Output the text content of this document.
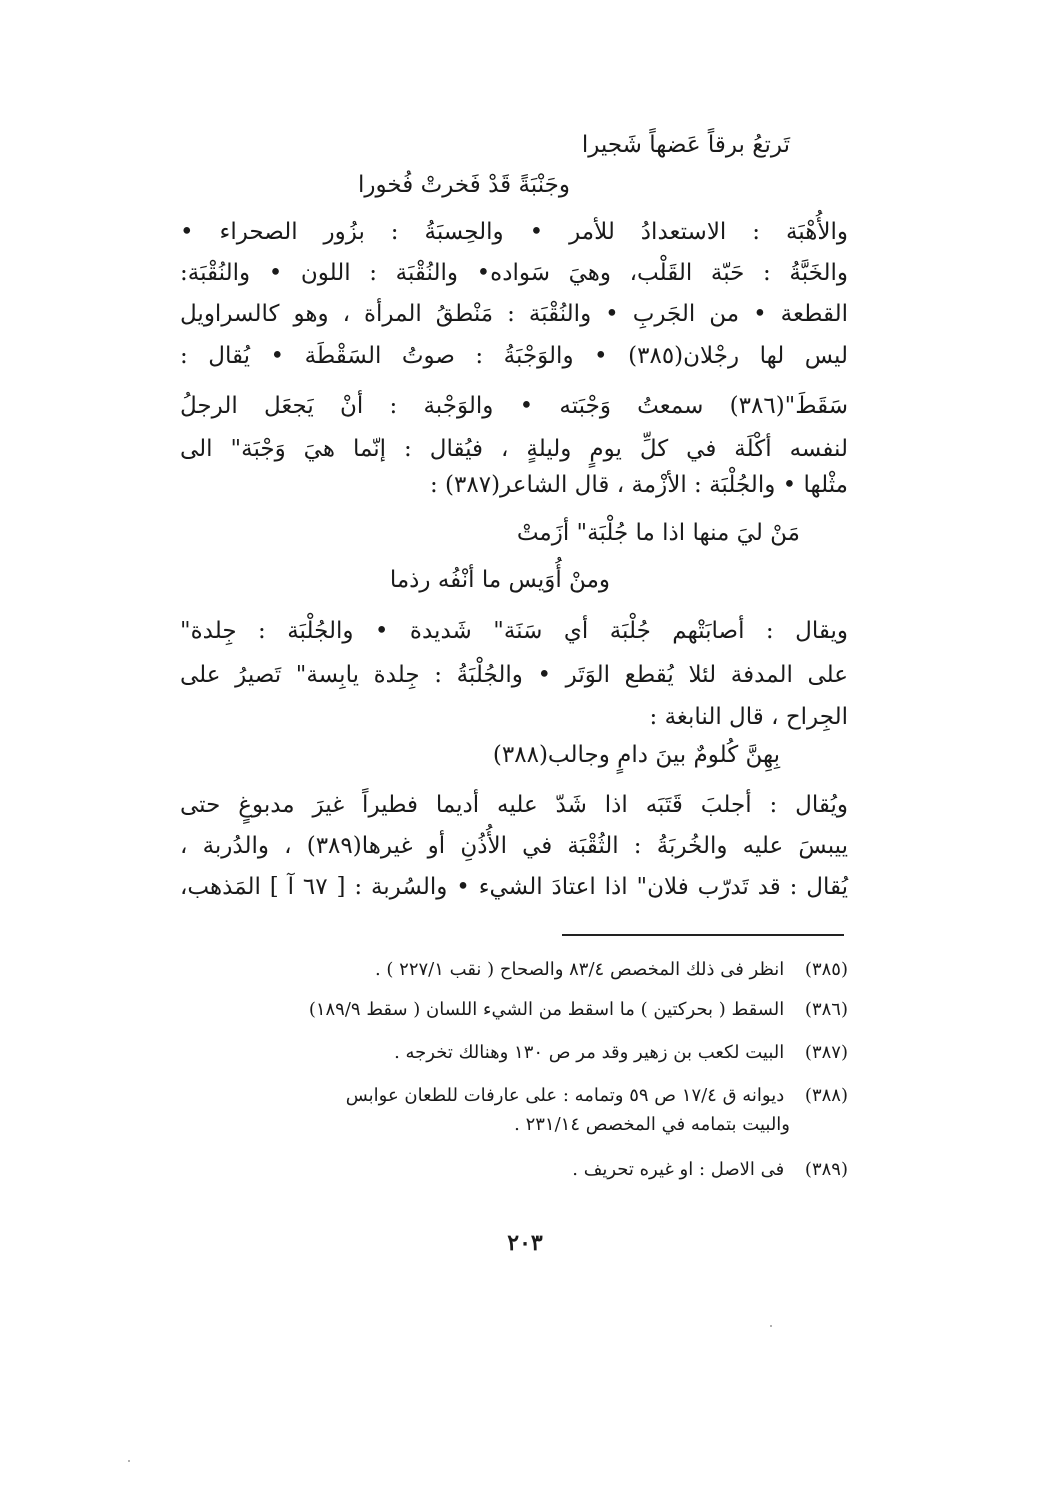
تَرتعُ برقاً عَضهاً شَجيرا
وجَنْبَةً قَدْ فَخرتْ فُخورا
والأُهْبَة : الاستعدادُ للأمر • والحِسبَةُ : بزُور الصحراء •
والخَبَّةُ : حَبّة القَلْب، وهيَ سَواده• والنُقْبَة : اللون • والنُقْبَة:
القطعة • من الجَربِ • والنُقْبَة : مَنْطقُ المرأة ، وهو كالسراويل
ليس لها رجْلان(٣٨٥) • والوَجْبَةُ : صوتُ السَقْطَة • يُقال :
سَقَطَ"(٣٨٦) سمعتُ وَجْبَته • والوَجْبة : أنْ يَجعَل الرجلُ
لنفسه أكْلَة في كلِّ يومٍ وليلةٍ ، فيُقال : إنّما هيَ وَجْبَة" الى
مثْلها • والجُلْبَة : الأزْمة ، قال الشاعر(٣٨٧) :
مَنْ ليَ منها اذا ما جُلْبَة" أزَمتْ
ومنْ أُوَيس ما أنْفُه رذما
ويقال : أصابَتْهم جُلْبَة أي سَنَة" شَديدة • والجُلْبَة : جِلدة"
على المدفة لئلا يُقطع الوَتَر • والجُلْبَةُ : جِلدة يابِسة" تَصيرُ على
الجِراح ، قال النابغة :
بِهِنَّ كُلومٌ بينَ دامٍ وجالب(٣٨٨)
ويُقال : أجلبَ قَتَبَه اذا شَدّ عليه أديما فطيراً غيرَ مدبوغٍ حتى
ييبسَ عليه والخُربَةُ : الثُقْبَة في الأُذُنِ أو غيرها(٣٨٩) ، والدُربة ،
يُقال : قد تَدرّب فلان" اذا اعتادَ الشيء • والسُربة : [ ٦٧ آ ] المَذهب،
(٣٨٥) انظر فى ذلك المخصص ٨٣/٤ والصحاح ( نقب ٢٢٧/١ ) .
(٣٨٦) السقط ( بحركتين ) ما اسقط من الشيء اللسان ( سقط ١٨٩/٩)
(٣٨٧) البيت لكعب بن زهير وقد مر ص ١٣٠ وهنالك تخرجه .
(٣٨٨) ديوانه ق ١٧/٤ ص ٥٩ وتمامه : على عارفات للطعان عوابس
والبيت بتمامه في المخصص ٢٣١/١٤ .
(٣٨٩) فى الاصل : او غيره تحريف .
٢٠٣
